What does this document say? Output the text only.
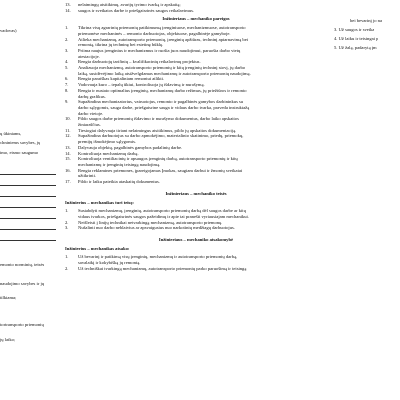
vadovas)
ų ūkiniams,
chniniems savybes, jų
imo, eismo saugumo
emonto norminių, teisės
naudojimo savybes ir jų
tilkiama;
tortransporto priemonių
jų laiko;
13.	nelaimingų atsitikimų, avarijų tyrimo tvarką ir apskaitą;
14.	saugos ir sveikatos darbe ir priešgaisrinės saugos reikalavimus.
Inžinieriaus – mechaniko pareigos
1.	Tikrina visų agrarinių priemonių patikimumą įrenginiuose, mechanizmuose, autotransporto
priemonėse mechaninės – remonto darbuotojas, objektuose, pagalbinėje gamyboje.
2.	Atlieka mechanizmų, autotransporto priemonių, įrenginių apžiūras, techninį aptarnavimą bei
remontą, tikrina jų techninę bei estetinę būklę.
3.	Priima naujus įrenginius ir mechanizmus ir ruošia juos naudojimui, paruošia darbo vietų
atestacijoje.
4.	Rengia darbuotojų tarifinių – kvalifikacinių reikalavimų projektus.
5.	Analizuoja mechanizmų, autotransporto priemonių ir kitų įrenginių techninį stovį, jų darbo
laiką, susidėvėjimo laiką atsižvelgdamas mechanizmų ir autotransporto priemonių naudojimą.
6.	Rengia paraiškas kapitaliniam remontui atlikti.
7.	Vadovauja kuro – tepalų ūkiui, kontroliuoja jų išdavimą ir nurašymą.
8.	Rengia ir nustato optimalius įrenginių, mechanizmų darbo režimus, jų priežiūros ir remonto
darbų grafikus.
9.	Supažindina mechanizatorius, vairuotojus, remonto ir pagalbinės gamybos darbininkus su
darbo sąlygomis, sauga darbe, priešgaisrine sauga ir vidaus darbo tvarka, praveda instruktažą
darbo vietoje.
10.	Pildo saugos darbe priemonių išdavimo ir nurašymo dokumentus, darbo laiko apskaitos
žiniaraščius.
11.	Tiesiogiai dalyvauja tiriant nelaimingus atsitikimus, pildo jų apskaitos dokumentaciją.
12.	Supažindina darbuotojus su darbo apmokėjimo, materialinio skatinimo, priedų, priemokų,
premijų išmokėjimo sąlygomis.
13.	Dalyvauja objektų, pagalbinės gamybos padalinių darbe.
14.	Kontroliuoja mechanizmų darbą.
15.	Kontroliuoja ventiliacinių ir apsaugos įrenginių darbą, autotransporto priemonių ir kitų
mechanizmų ir įrenginių teisingą naudojimą.
16.	Rengia reklamines priemones, įpareigojamas Įmokas, saugiam darbui ir žmonių sveikatai
užtikrinti.
17.	Pildo ir laiku pateikia ataskaitų dokumentus.
Inžinieriaus – mechaniko teisės
Inžinierius – mechanikas turi teisę:
1.	Sustabdyti mechanizmų, įrenginių, autotransporto priemonių darbą dėl saugos darbe ar kitų
vidaus tvarkos, priešgaisrinės saugos pažeidimų ir apie tai pranešti vyriausiajam mechanikui.
2.	Neišleisti į linijų technikai netvarkingą mechanizmą, autotransporto priemonę.
3.	Nušalinti nuo darbo neblaivius ar apsvaigusius nuo narkotinių medžiagų darbuotojus.
Inžinieriaus – mechaniko atsakomybė
Inžinierius – mechanikas atsako:
1.	Už bevarinį ir patikimą visų įrenginių, mechanizmų ir autotransporto priemonių darbą,
savalaikį ir kokybišką jų remontą.
2.	Už techniškai tvarkingą mechanizmų, autotransporto priemonių parko paruošimą ir teisingą
bei bevarinį jo na
3. Už saugos ir sveika
4. Už laiku ir teisingai p
5. Už žalą, padarytą įm
